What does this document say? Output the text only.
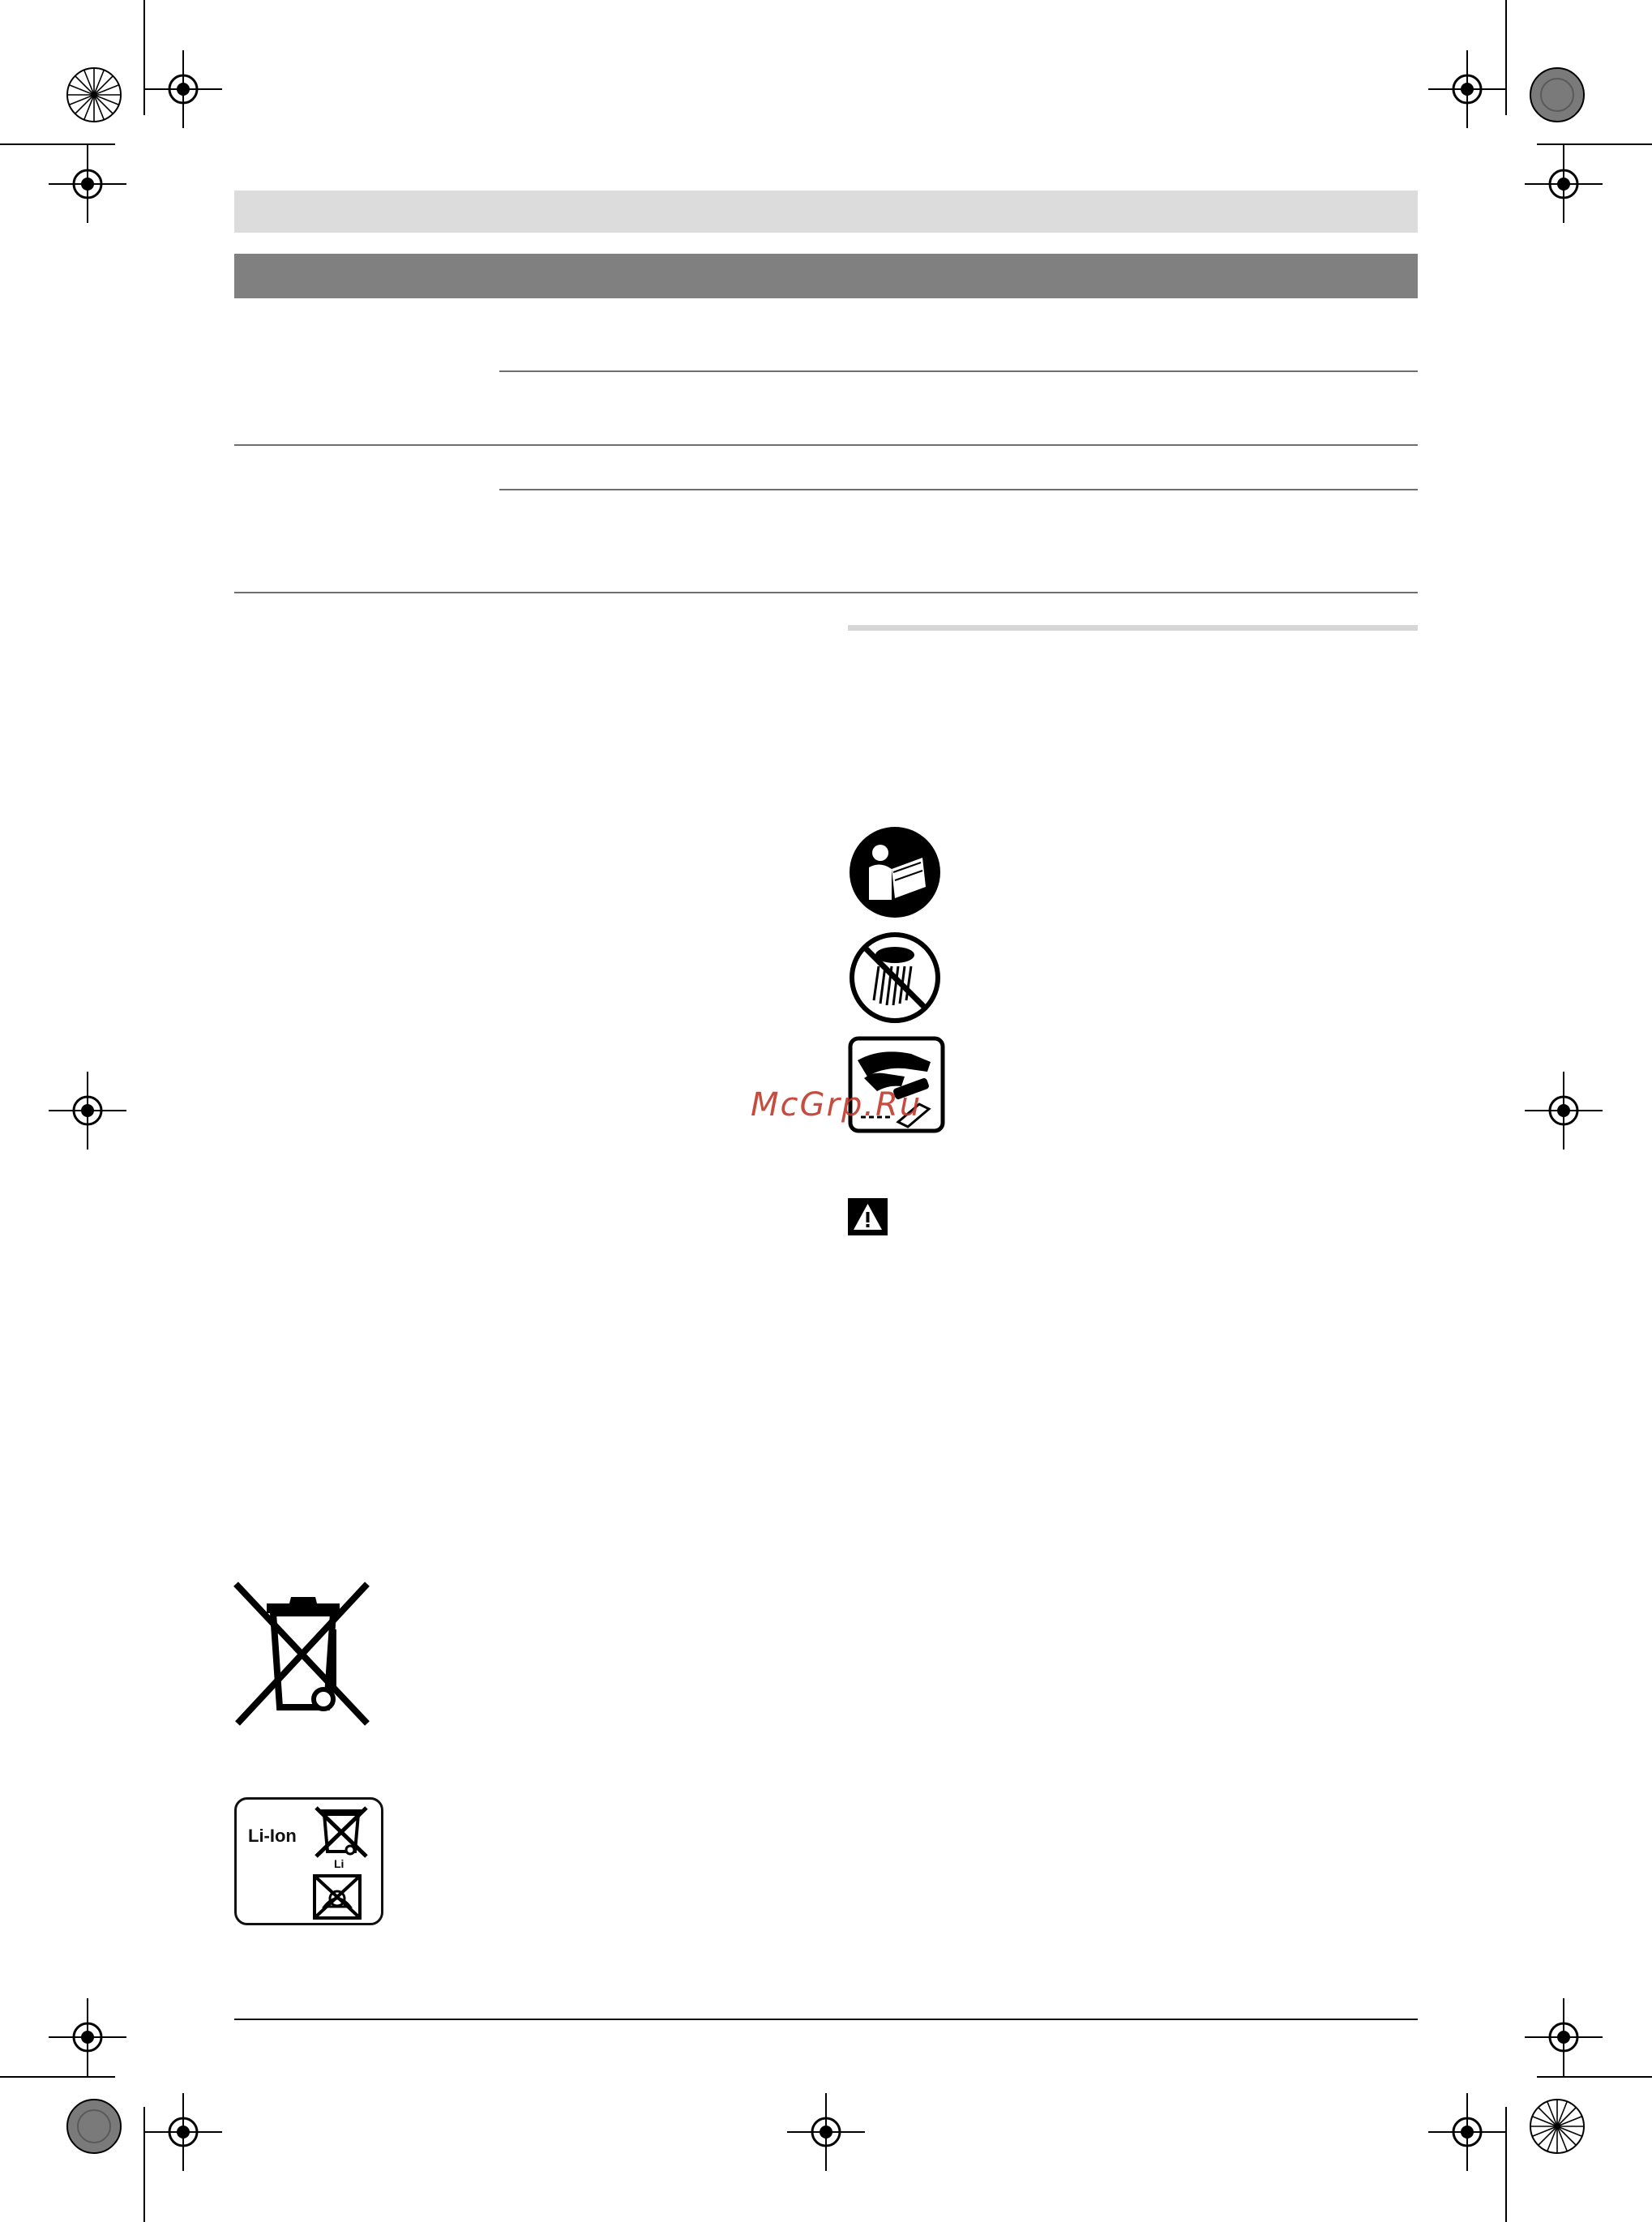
McGrp.Ru
Li-Ion
Li
